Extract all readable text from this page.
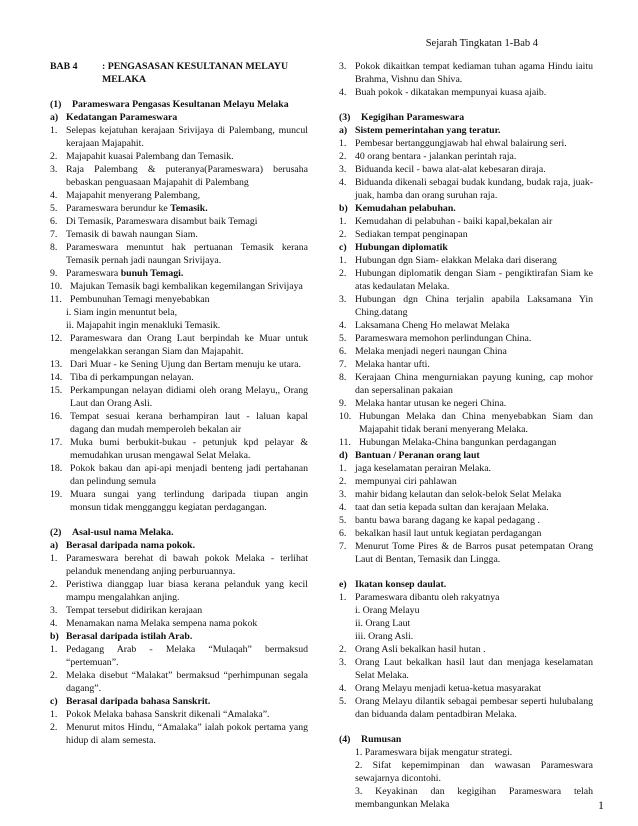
Sejarah Tingkatan 1-Bab 4
BAB 4	: PENGASASAN KESULTANAN MELAYU MELAKA
(1)	Parameswara Pengasas Kesultanan Melayu Melaka
a) Kedatangan Parameswara
1. Selepas kejatuhan kerajaan Srivijaya di Palembang, muncul kerajaan Majapahit.
2. Majapahit kuasai Palembang dan Temasik.
3. Raja Palembang & puteranya(Parameswara) berusaha bebaskan penguasaan Majapahit di Palembang
4. Majapahit menyerang Palembang,
5. Parameswara berundur ke Temasik.
6. Di Temasik, Parameswara disambut baik Temagi
7. Temasik di bawah naungan Siam.
8. Parameswara menuntut hak pertuanan Temasik kerana Temasik pernah jadi naungan Srivijaya.
9. Parameswara bunuh Temagi.
10. Majukan Temasik bagi kembalikan kegemilangan Srivijaya
11. Pembunuhan Temagi menyebabkan
i. Siam ingin menuntut bela,
ii. Majapahit ingin menakluki Temasik.
12. Parameswara dan Orang Laut berpindah ke Muar untuk mengelakkan serangan Siam dan Majapahit.
13. Dari Muar - ke Sening Ujung dan Bertam menuju ke utara.
14. Tiba di perkampungan nelayan.
15. Perkampungan nelayan didiami oleh orang Melayu,, Orang Laut dan Orang Asli.
16. Tempat sesuai kerana berhampiran laut - laluan kapal dagang dan mudah memperoleh bekalan air
17. Muka bumi berbukit-bukau - petunjuk kpd pelayar & memudahkan urusan mengawal Selat Melaka.
18. Pokok bakau dan api-api menjadi benteng jadi pertahanan dan pelindung semula
19. Muara sungai yang terlindung daripada tiupan angin monsun tidak mengganggu kegiatan perdagangan.
(2)	Asal-usul nama Melaka.
a) Berasal daripada nama pokok.
1. Parameswara berehat di bawah pokok Melaka - terlihat pelanduk menendang anjing perburuannya.
2. Peristiwa dianggap luar biasa kerana pelanduk yang kecil mampu mengalahkan anjing.
3. Tempat tersebut didirikan kerajaan
4. Menamakan nama Melaka sempena nama pokok
b) Berasal daripada istilah Arab.
1. Pedagang Arab - Melaka “Mulaqah” bermaksud “pertemuan”.
2. Melaka disebut “Malakat” bermaksud “perhimpunan segala dagang”.
c) Berasal daripada bahasa Sanskrit.
1. Pokok Melaka bahasa Sanskrit dikenali “Amalaka”.
2. Menurut mitos Hindu, “Amalaka” ialah pokok pertama yang hidup di alam semesta.
3. Pokok dikaitkan tempat kediaman tuhan agama Hindu iaitu Brahma, Vishnu dan Shiva.
4. Buah pokok - dikatakan mempunyai kuasa ajaib.
(3)	Kegigihan Parameswara
a) Sistem pemerintahan yang teratur.
1. Pembesar bertanggungjawab hal ehwal balairung seri.
2. 40 orang bentara - jalankan perintah raja.
3. Biduanda kecil - bawa alat-alat kebesaran diraja.
4. Biduanda dikenali sebagai budak kundang, budak raja, juak-juak, hamba dan orang suruhan raja.
b) Kemudahan pelabuhan.
1. Kemudahan di pelabuhan - baiki kapal,bekalan air
2. Sediakan tempat penginapan
c) Hubungan diplomatik
1. Hubungan dgn Siam- elakkan Melaka dari diserang
2. Hubungan diplomatik dengan Siam - pengiktirafan Siam ke atas kedaulatan Melaka.
3. Hubungan dgn China terjalin apabila Laksamana Yin Ching.datang
4. Laksamana Cheng Ho melawat Melaka
5. Parameswara memohon perlindungan China.
6. Melaka menjadi negeri naungan China
7. Melaka hantar ufti.
8. Kerajaan China mengurniakan payung kuning, cap mohor dan sepersalinan pakaian
9. Melaka hantar utusan ke negeri China.
10. Hubungan Melaka dan China menyebabkan Siam dan Majapahit tidak berani menyerang Melaka.
11. Hubungan Melaka-China bangunkan perdagangan
d) Bantuan / Peranan orang laut
1. jaga keselamatan perairan Melaka.
2. mempunyai ciri pahlawan
3. mahir bidang kelautan dan selok-belok Selat Melaka
4. taat dan setia kepada sultan dan kerajaan Melaka.
5. bantu bawa barang dagang ke kapal pedagang .
6. bekalkan hasil laut untuk kegiatan perdagangan
7. Menurut Tome Pires & de Barros pusat petempatan Orang Laut di Bentan, Temasik dan Lingga.
e) Ikatan konsep daulat.
1. Parameswara dibantu oleh rakyatnya
i. Orang Melayu
ii. Orang Laut
iii. Orang Asli.
2. Orang Asli bekalkan hasil hutan .
3. Orang Laut bekalkan hasil laut dan menjaga keselamatan Selat Melaka.
4. Orang Melayu menjadi ketua-ketua masyarakat
5. Orang Melayu dilantik sebagai pembesar seperti hulubalang dan biduanda dalam pentadbiran Melaka.
(4)	Rumusan
1. Parameswara bijak mengatur strategi.
2. Sifat kepemimpinan dan wawasan Parameswara sewajarnya dicontohi.
3. Keyakinan dan kegigihan Parameswara telah membangunkan Melaka	1
